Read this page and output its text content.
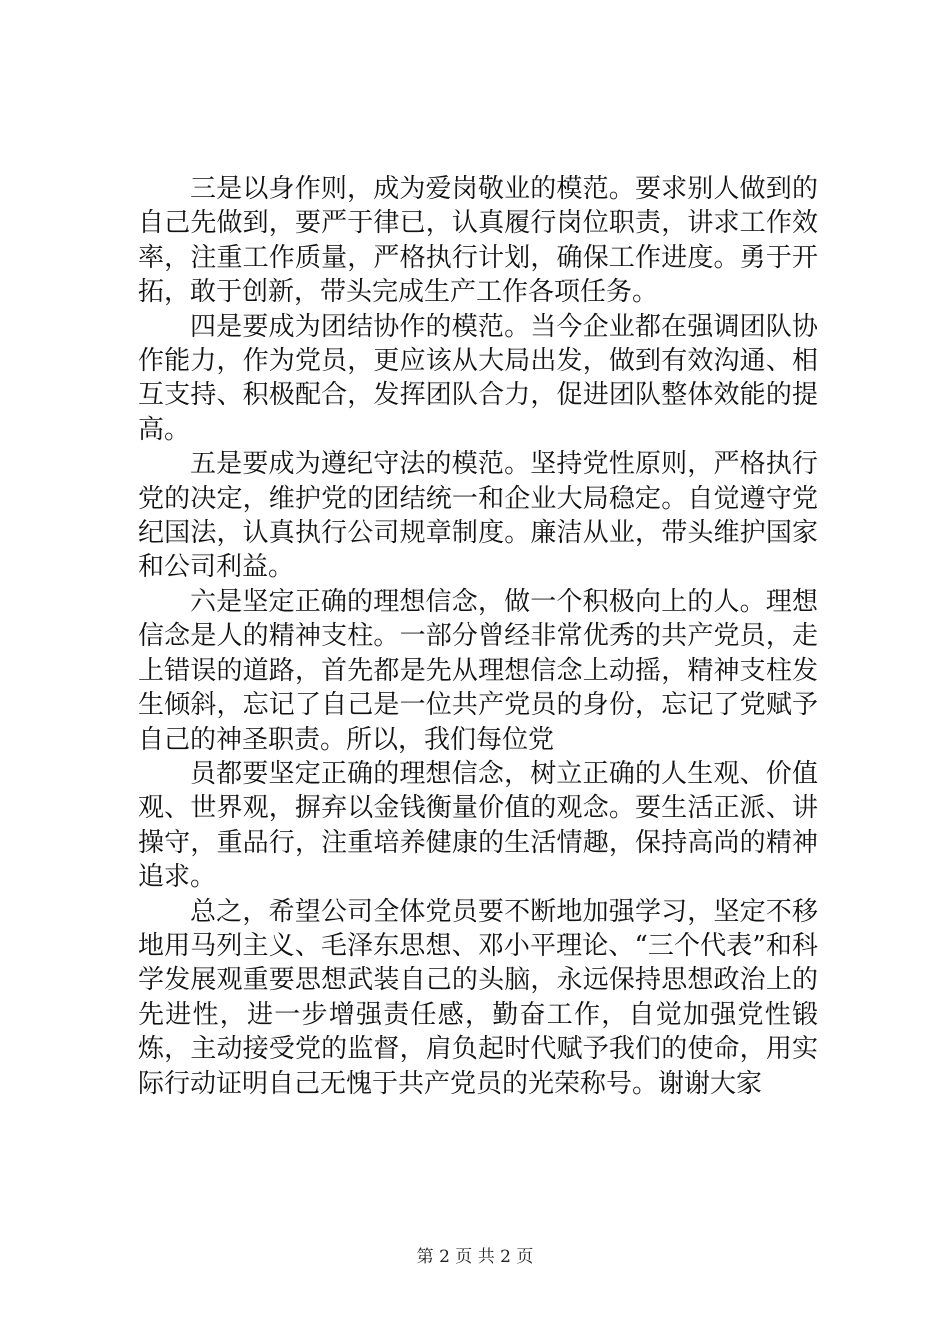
三是以身作则，成为爱岗敬业的模范。要求别人做到的自己先做到，要严于律已，认真履行岗位职责，讲求工作效率，注重工作质量，严格执行计划，确保工作进度。勇于开拓，敢于创新，带头完成生产工作各项任务。

四是要成为团结协作的模范。当今企业都在强调团队协作能力，作为党员，更应该从大局出发，做到有效沟通、相互支持、积极配合，发挥团队合力，促进团队整体效能的提高。

五是要成为遵纪守法的模范。坚持党性原则，严格执行党的决定，维护党的团结统一和企业大局稳定。自觉遵守党纪国法，认真执行公司规章制度。廉洁从业，带头维护国家和公司利益。

六是坚定正确的理想信念，做一个积极向上的人。理想信念是人的精神支柱。一部分曾经非常优秀的共产党员，走上错误的道路，首先都是先从理想信念上动摇，精神支柱发生倾斜，忘记了自己是一位共产党员的身份，忘记了党赋予自己的神圣职责。所以，我们每位党

员都要坚定正确的理想信念，树立正确的人生观、价值观、世界观，摒弃以金钱衡量价值的观念。要生活正派、讲操守，重品行，注重培养健康的生活情趣，保持高尚的精神追求。

总之，希望公司全体党员要不断地加强学习，坚定不移地用马列主义、毛泽东思想、邓小平理论、“三个代表”和科学发展观重要思想武装自己的头脑，永远保持思想政治上的先进性，进一步增强责任感，勤奋工作，自觉加强党性锻炼，主动接受党的监督，肩负起时代赋予我们的使命，用实际行动证明自己无愧于共产党员的光荣称号。谢谢大家

第 2 页 共 2 页
